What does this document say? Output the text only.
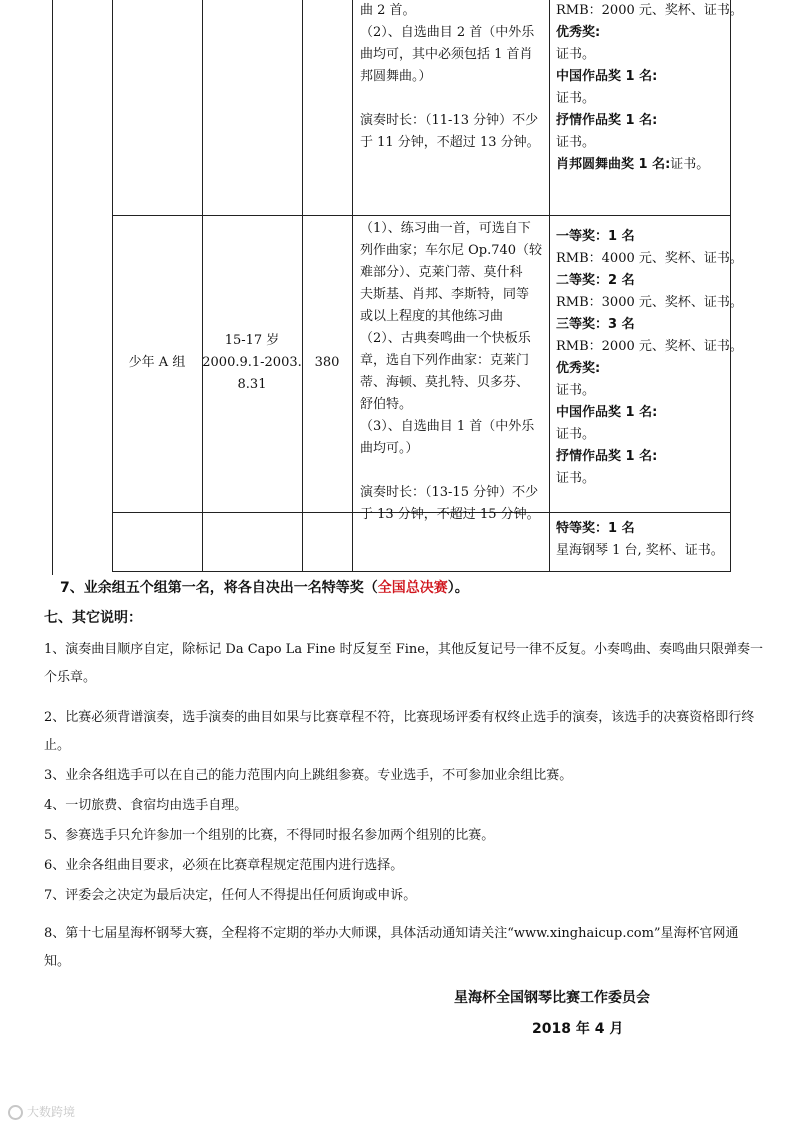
曲 2 首。
（2）、自选曲目 2 首（中外乐
曲均可，其中必须包括 1 首肖
邦圆舞曲。）

演奏时长：（11-13 分钟）不少
于 11 分钟，不超过 13 分钟。
RMB：2000 元、奖杯、证书。
优秀奖:
证书。
中国作品奖 1 名:
证书。
抒情作品奖 1 名:
证书。
肖邦圆舞曲奖 1 名:证书。
少年 A 组
15-17 岁
2000.9.1-2003.
8.31
380
（1）、练习曲一首，可选自下
列作曲家；车尔尼 Op.740（较
难部分）、克莱门蒂、莫什科
夫斯基、肖邦、李斯特，同等
或以上程度的其他练习曲
（2）、古典奏鸣曲一个快板乐
章，选自下列作曲家：克莱门
蒂、海顿、莫扎特、贝多芬、
舒伯特。
（3）、自选曲目 1 首（中外乐
曲均可。）

演奏时长：（13-15 分钟）不少
于 13 分钟，不超过 15 分钟。
一等奖：1 名
RMB：4000 元、奖杯、证书。
二等奖：2 名
RMB：3000 元、奖杯、证书。
三等奖：3 名
RMB：2000 元、奖杯、证书。
优秀奖:
证书。
中国作品奖 1 名:
证书。
抒情作品奖 1 名:
证书。
特等奖：1 名
星海钢琴 1 台, 奖杯、证书。
7、业余组五个组第一名，将各自决出一名特等奖（全国总决赛）。
七、其它说明：
1、演奏曲目顺序自定，除标记 Da Capo La Fine 时反复至 Fine，其他反复记号一律不反复。小奏鸣曲、奏鸣曲只限弹奏一个乐章。
2、比赛必须背谱演奏，选手演奏的曲目如果与比赛章程不符，比赛现场评委有权终止选手的演奏，该选手的决赛资格即行终止。
3、业余各组选手可以在自己的能力范围内向上跳组参赛。专业选手，不可参加业余组比赛。
4、一切旅费、食宿均由选手自理。
5、参赛选手只允许参加一个组别的比赛，不得同时报名参加两个组别的比赛。
6、业余各组曲目要求，必须在比赛章程规定范围内进行选择。
7、评委会之决定为最后决定，任何人不得提出任何质询或申诉。
8、第十七届星海杯钢琴大赛，全程将不定期的举办大师课，具体活动通知请关注“www.xinghaicup.com”星海杯官网通知。
星海杯全国钢琴比赛工作委员会
2018 年 4 月
大数跨境
